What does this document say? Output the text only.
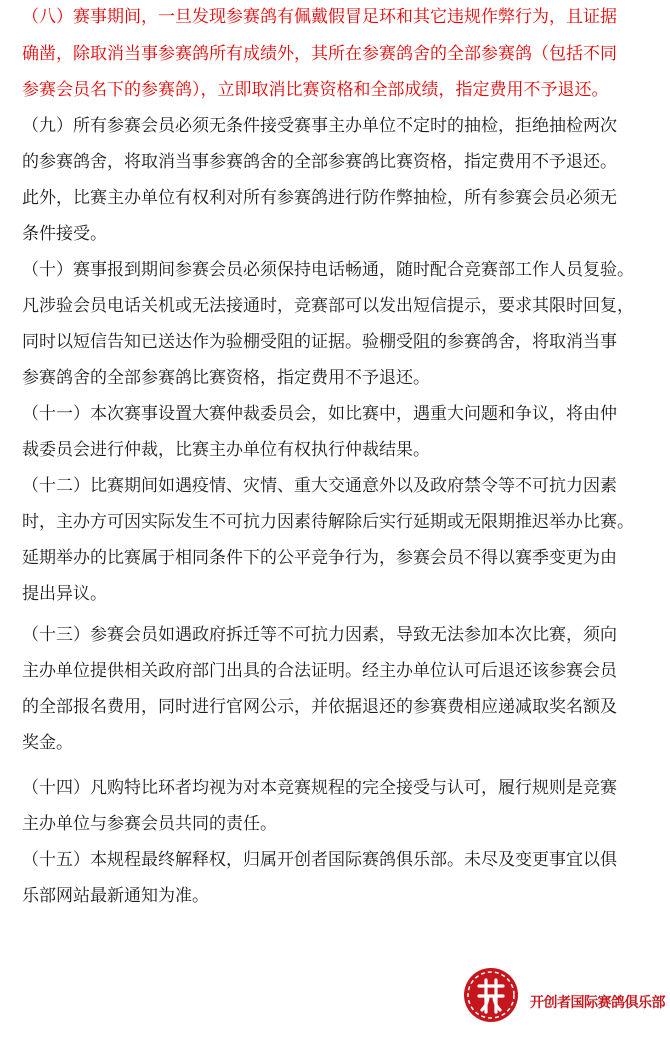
（八）赛事期间，一旦发现参赛鸽有佩戴假冒足环和其它违规作弊行为，且证据

确凿，除取消当事参赛鸽所有成绩外，其所在参赛鸽舍的全部参赛鸽（包括不同

参赛会员名下的参赛鸽），立即取消比赛资格和全部成绩，指定费用不予退还。

（九）所有参赛会员必须无条件接受赛事主办单位不定时的抽检，拒绝抽检两次

的参赛鸽舍，将取消当事参赛鸽舍的全部参赛鸽比赛资格，指定费用不予退还。

此外，比赛主办单位有权利对所有参赛鸽进行防作弊抽检，所有参赛会员必须无

条件接受。

（十）赛事报到期间参赛会员必须保持电话畅通，随时配合竞赛部工作人员复验。

凡涉验会员电话关机或无法接通时，竞赛部可以发出短信提示，要求其限时回复，

同时以短信告知已送达作为验棚受阻的证据。验棚受阻的参赛鸽舍，将取消当事

参赛鸽舍的全部参赛鸽比赛资格，指定费用不予退还。

（十一）本次赛事设置大赛仲裁委员会，如比赛中，遇重大问题和争议，将由仲

裁委员会进行仲裁，比赛主办单位有权执行仲裁结果。

（十二）比赛期间如遇疫情、灾情、重大交通意外以及政府禁令等不可抗力因素

时，主办方可因实际发生不可抗力因素待解除后实行延期或无限期推迟举办比赛。

延期举办的比赛属于相同条件下的公平竞争行为，参赛会员不得以赛季变更为由

提出异议。

（十三）参赛会员如遇政府拆迁等不可抗力因素，导致无法参加本次比赛，须向

主办单位提供相关政府部门出具的合法证明。经主办单位认可后退还该参赛会员

的全部报名费用，同时进行官网公示，并依据退还的参赛费相应递减取奖名额及

奖金。

（十四）凡购特比环者均视为对本竞赛规程的完全接受与认可，履行规则是竞赛

主办单位与参赛会员共同的责任。

（十五）本规程最终解释权，归属开创者国际赛鸽俱乐部。未尽及变更事宜以俱

乐部网站最新通知为准。

开创者国际赛鸽俱乐部
